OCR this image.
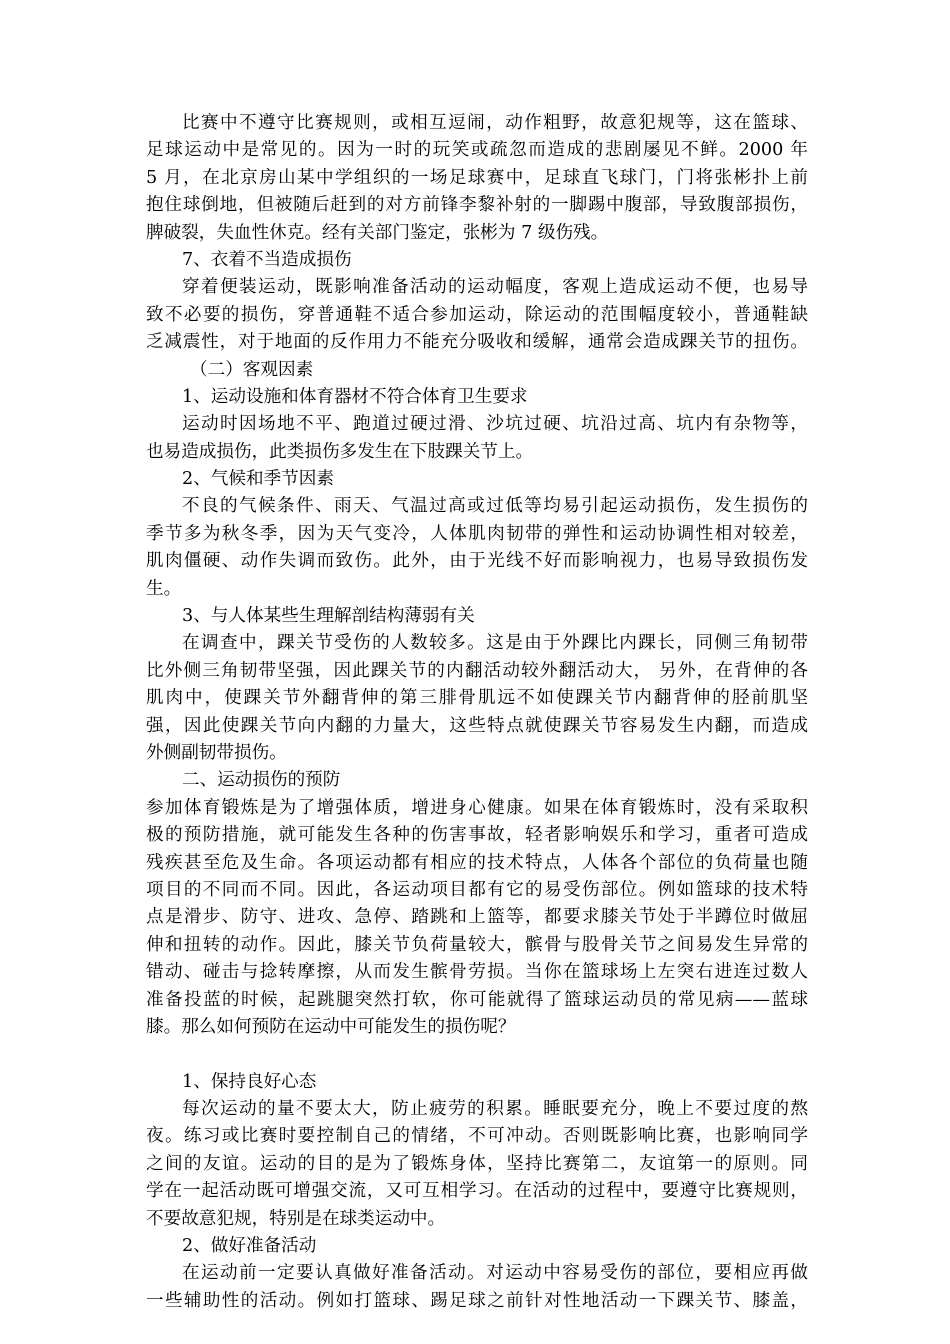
比赛中不遵守比赛规则，或相互逗闹，动作粗野，故意犯规等，这在篮球、
足球运动中是常见的。因为一时的玩笑或疏忽而造成的悲剧屡见不鲜。2000 年
5 月，在北京房山某中学组织的一场足球赛中，足球直飞球门，门将张彬扑上前
抱住球倒地，但被随后赶到的对方前锋李黎补射的一脚踢中腹部，导致腹部损伤，
脾破裂，失血性休克。经有关部门鉴定，张彬为 7 级伤残。
7、衣着不当造成损伤
穿着便装运动，既影响准备活动的运动幅度，客观上造成运动不便，也易导
致不必要的损伤，穿普通鞋不适合参加运动，除运动的范围幅度较小，普通鞋缺
乏减震性，对于地面的反作用力不能充分吸收和缓解，通常会造成踝关节的扭伤。
（二）客观因素
1、运动设施和体育器材不符合体育卫生要求
运动时因场地不平、跑道过硬过滑、沙坑过硬、坑沿过高、坑内有杂物等，
也易造成损伤，此类损伤多发生在下肢踝关节上。
2、气候和季节因素
不良的气候条件、雨天、气温过高或过低等均易引起运动损伤，发生损伤的
季节多为秋冬季，因为天气变冷，人体肌肉韧带的弹性和运动协调性相对较差，
肌肉僵硬、动作失调而致伤。此外，由于光线不好而影响视力，也易导致损伤发
生。
3、与人体某些生理解剖结构薄弱有关
在调查中，踝关节受伤的人数较多。这是由于外踝比内踝长，同侧三角韧带
比外侧三角韧带坚强，因此踝关节的内翻活动较外翻活动大， 另外，在背伸的各
肌肉中，使踝关节外翻背伸的第三腓骨肌远不如使踝关节内翻背伸的胫前肌坚
强，因此使踝关节向内翻的力量大，这些特点就使踝关节容易发生内翻，而造成
外侧副韧带损伤。
二、运动损伤的预防
参加体育锻炼是为了增强体质，增进身心健康。如果在体育锻炼时，没有采取积
极的预防措施，就可能发生各种的伤害事故，轻者影响娱乐和学习，重者可造成
残疾甚至危及生命。各项运动都有相应的技术特点，人体各个部位的负荷量也随
项目的不同而不同。因此，各运动项目都有它的易受伤部位。例如篮球的技术特
点是滑步、防守、进攻、急停、踏跳和上篮等，都要求膝关节处于半蹲位时做屈
伸和扭转的动作。因此，膝关节负荷量较大，髌骨与股骨关节之间易发生异常的
错动、碰击与捻转摩擦，从而发生髌骨劳损。当你在篮球场上左突右进连过数人
准备投蓝的时候，起跳腿突然打软，你可能就得了篮球运动员的常见病——蓝球
膝。那么如何预防在运动中可能发生的损伤呢？
1、保持良好心态
每次运动的量不要太大，防止疲劳的积累。睡眠要充分，晚上不要过度的熬
夜。练习或比赛时要控制自己的情绪，不可冲动。否则既影响比赛，也影响同学
之间的友谊。运动的目的是为了锻炼身体，坚持比赛第二，友谊第一的原则。同
学在一起活动既可增强交流，又可互相学习。在活动的过程中，要遵守比赛规则，
不要故意犯规，特别是在球类运动中。
2、做好准备活动
在运动前一定要认真做好准备活动。对运动中容易受伤的部位，要相应再做
一些辅助性的活动。例如打篮球、踢足球之前针对性地活动一下踝关节、膝盖，
